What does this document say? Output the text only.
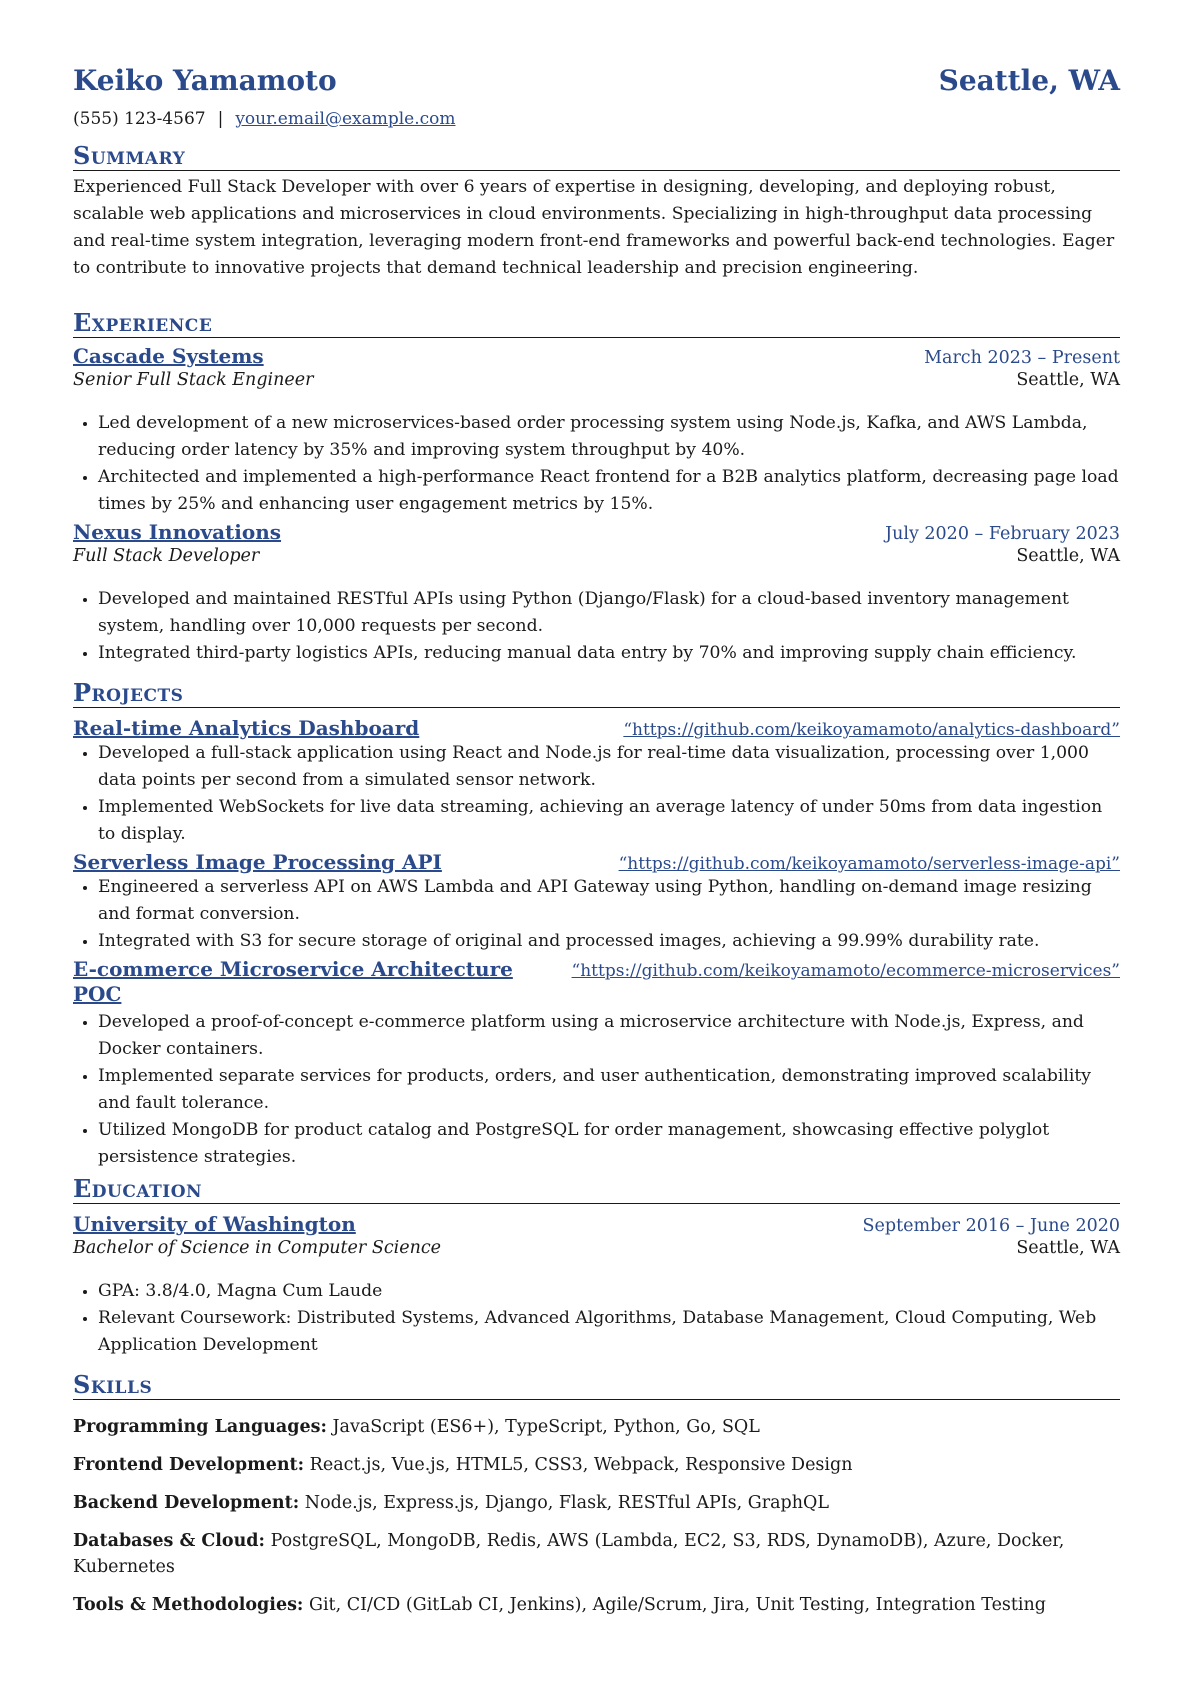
Keiko Yamamoto	Seattle, WA
(555) 123-4567 | your.email@example.com
Summary
Experienced Full Stack Developer with over 6 years of expertise in designing, developing, and deploying robust, scalable web applications and microservices in cloud environments. Specializing in high-throughput data processing and real-time system integration, leveraging modern front-end frameworks and powerful back-end technologies. Eager to contribute to innovative projects that demand technical leadership and precision engineering.
Experience
Cascade Systems	March 2023 – Present
Senior Full Stack Engineer	Seattle, WA
• Led development of a new microservices-based order processing system using Node.js, Kafka, and AWS Lambda, reducing order latency by 35% and improving system throughput by 40%.
• Architected and implemented a high-performance React frontend for a B2B analytics platform, decreasing page load times by 25% and enhancing user engagement metrics by 15%.
Nexus Innovations	July 2020 – February 2023
Full Stack Developer	Seattle, WA
• Developed and maintained RESTful APIs using Python (Django/Flask) for a cloud-based inventory management system, handling over 10,000 requests per second.
• Integrated third-party logistics APIs, reducing manual data entry by 70% and improving supply chain efficiency.
Projects
Real-time Analytics Dashboard	“https://github.com/keikoyamamoto/analytics-dashboard”
• Developed a full-stack application using React and Node.js for real-time data visualization, processing over 1,000 data points per second from a simulated sensor network.
• Implemented WebSockets for live data streaming, achieving an average latency of under 50ms from data ingestion to display.
Serverless Image Processing API	“https://github.com/keikoyamamoto/serverless-image-api”
• Engineered a serverless API on AWS Lambda and API Gateway using Python, handling on-demand image resizing and format conversion.
• Integrated with S3 for secure storage of original and processed images, achieving a 99.99% durability rate.
E-commerce Microservice Architecture	“https://github.com/keikoyamamoto/ecommerce-microservices”
POC
• Developed a proof-of-concept e-commerce platform using a microservice architecture with Node.js, Express, and Docker containers.
• Implemented separate services for products, orders, and user authentication, demonstrating improved scalability and fault tolerance.
• Utilized MongoDB for product catalog and PostgreSQL for order management, showcasing effective polyglot persistence strategies.
Education
University of Washington	September 2016 – June 2020
Bachelor of Science in Computer Science	Seattle, WA
• GPA: 3.8/4.0, Magna Cum Laude
• Relevant Coursework: Distributed Systems, Advanced Algorithms, Database Management, Cloud Computing, Web Application Development
Skills
Programming Languages: JavaScript (ES6+), TypeScript, Python, Go, SQL
Frontend Development: React.js, Vue.js, HTML5, CSS3, Webpack, Responsive Design
Backend Development: Node.js, Express.js, Django, Flask, RESTful APIs, GraphQL
Databases & Cloud: PostgreSQL, MongoDB, Redis, AWS (Lambda, EC2, S3, RDS, DynamoDB), Azure, Docker, Kubernetes
Tools & Methodologies: Git, CI/CD (GitLab CI, Jenkins), Agile/Scrum, Jira, Unit Testing, Integration Testing
